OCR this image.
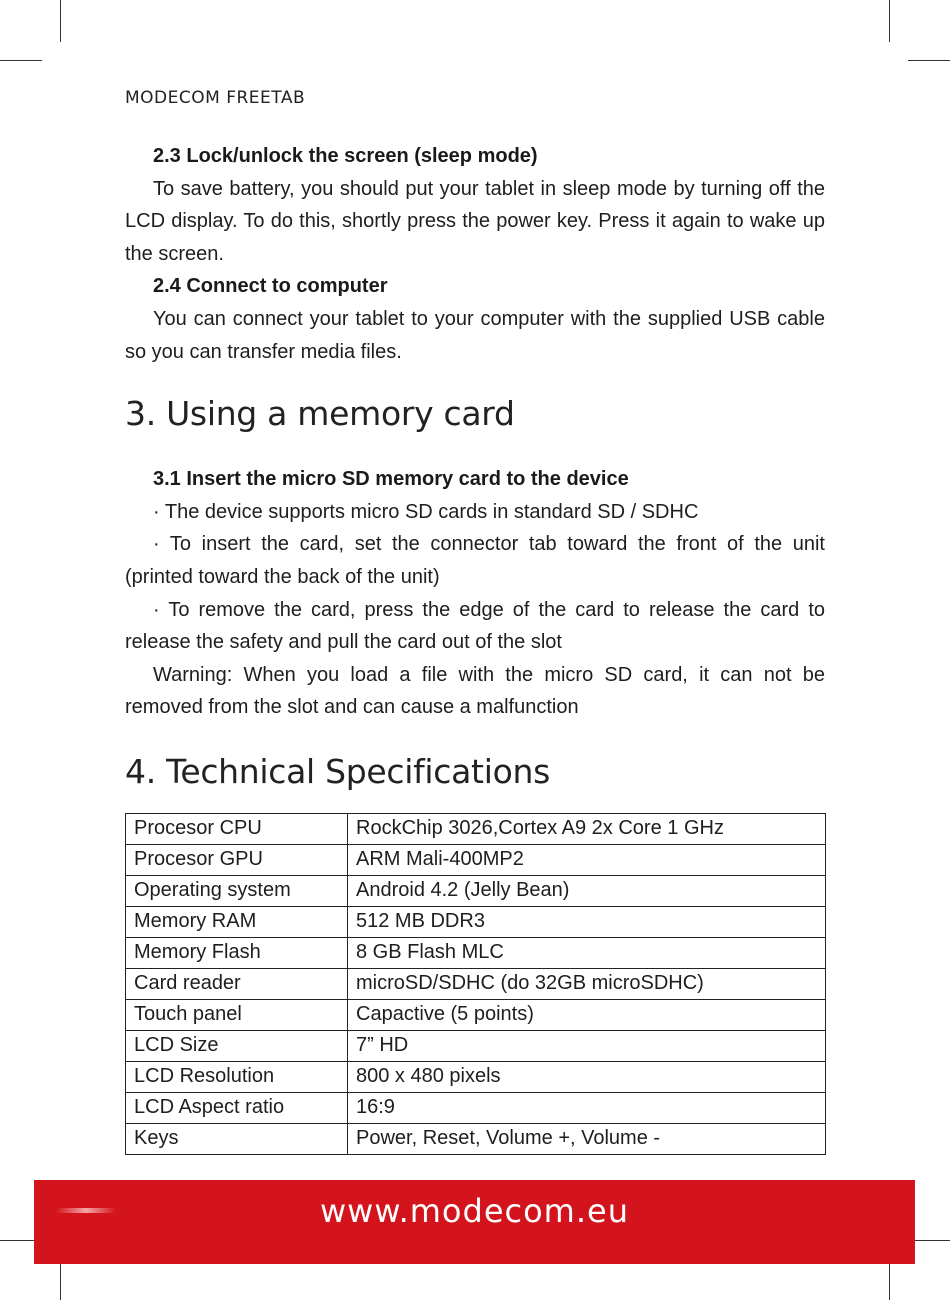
MODECOM FREETAB
2.3 Lock/unlock the screen (sleep mode)
To save battery, you should put your tablet in sleep mode by turning off the LCD display. To do this, shortly press the power key. Press it again to wake up the screen.
2.4 Connect to computer
You can connect your tablet to your computer with the supplied USB cable so you can transfer media files.
3. Using a memory card
3.1 Insert the micro SD memory card to the device
· The device supports micro SD cards in standard SD / SDHC
· To insert the card, set the connector tab toward the front of the unit (printed toward the back of the unit)
· To remove the card, press the edge of the card to release the card to release the safety and pull the card out of the slot
Warning: When you load a file with the micro SD card, it can not be removed from the slot and can cause a malfunction
4. Technical Specifications
Procesor CPU	RockChip 3026,Cortex A9 2x Core 1 GHz
Procesor GPU	ARM Mali-400MP2
Operating system	Android 4.2 (Jelly Bean)
Memory RAM	512 MB DDR3
Memory Flash	8 GB Flash MLC
Card reader	microSD/SDHC (do 32GB microSDHC)
Touch panel	Capactive (5 points)
LCD Size	7” HD
LCD Resolution	800 x 480 pixels
LCD Aspect ratio	16:9
Keys	Power, Reset, Volume +, Volume -
www.modecom.eu
